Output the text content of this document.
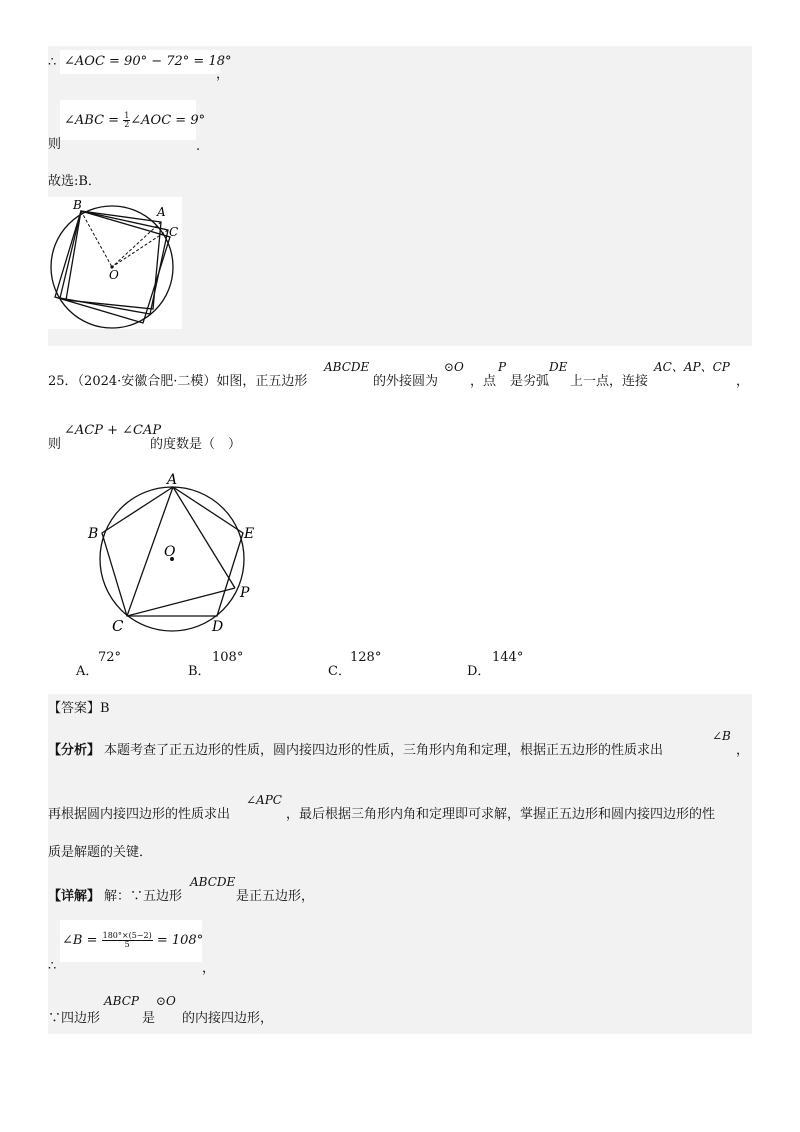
∴ ∠AOC = 90° − 72° = 18°
，
∠ABC = $\frac{1}{2}$ ∠AOC = 9°
则	.
故选:B．
B	A
C
O
25．（2024·安徽合肥·二模）如图，正五边形
ABCDE
的外接圆为
⊙O
，点
P
是劣弧
DE
上一点，连接
AC、AP、CP
，
∠ACP + ∠CAP
则	的度数是（　）
A
B	E
O
P
C	D
A．
72°
B．
108°
C．
128°
D．
144°
【答案】B
【分析】 本题考查了正五边形的性质，圆内接四边形的性质，三角形内角和定理，根据正五边形的性质求出
∠B
，
再根据圆内接四边形的性质求出
∠APC
，最后根据三角形内角和定理即可求解，掌握正五边形和圆内接四边形的性
质是解题的关键．
【详解】 解：∵五边形
ABCDE
是正五边形，
∠B = $\frac{180^\circ\times(5-2)}{5} = 108^\circ$
∴	，
∵四边形
ABCP
是
⊙O
的内接四边形，
